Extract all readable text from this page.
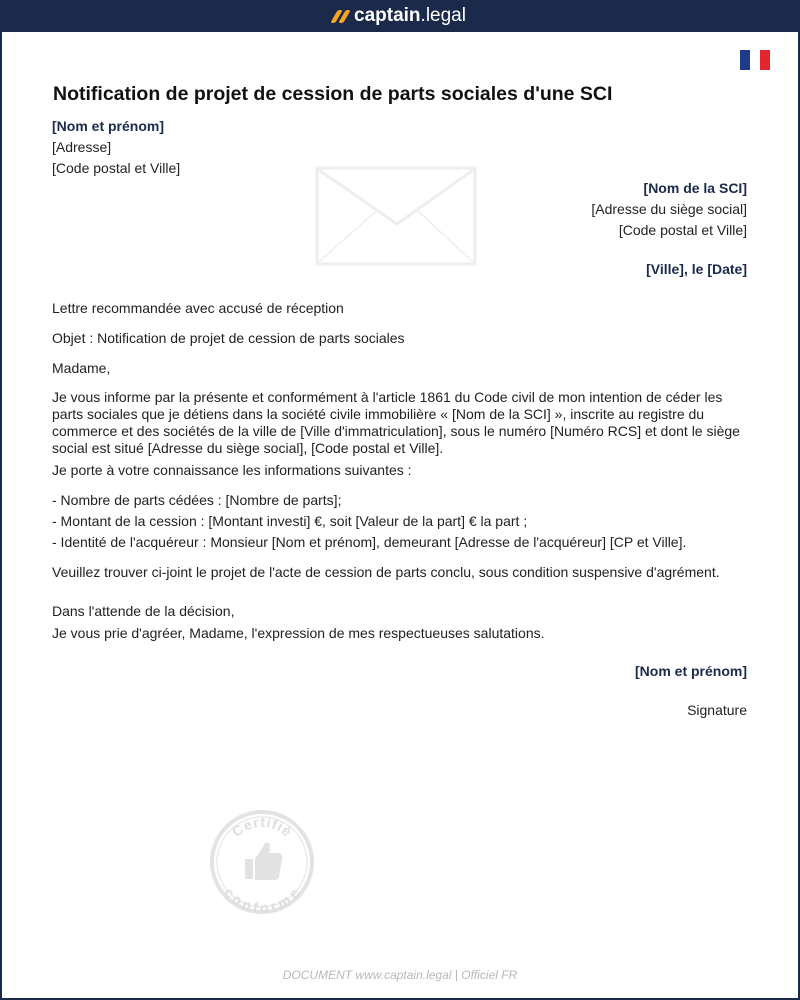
captain .legal
Notification de projet de cession de parts sociales d'une SCI

[Nom et prénom]

[Adresse]

[Code postal et Ville]

[Nom de la SCI]

[Adresse du siège social]

[Code postal et Ville]

[Ville], le [Date]

Lettre recommandée avec accusé de réception

Objet : Notification de projet de cession de parts sociales

Madame,

Je vous informe par la présente et conformément à l'article 1861 du Code civil de mon intention de céder les parts sociales que je détiens dans la société civile immobilière « [Nom de la SCI] », inscrite au registre du commerce et des sociétés de la ville de [Ville d'immatriculation], sous le numéro [Numéro RCS] et dont le siège social est situé [Adresse du siège social], [Code postal et Ville].

Je porte à votre connaissance les informations suivantes :

- Nombre de parts cédées : [Nombre de parts];

- Montant de la cession : [Montant investi] €, soit [Valeur de la part] € la part ;

- Identité de l'acquéreur : Monsieur [Nom et prénom], demeurant [Adresse de l'acquéreur] [CP et Ville].

Veuillez trouver ci-joint le projet de l'acte de cession de parts conclu, sous condition suspensive d'agrément.

Dans l'attende de la décision,

Je vous prie d'agréer, Madame, l'expression de mes respectueuses salutations.

[Nom et prénom]

Signature

Certifié
conforme
DOCUMENT www.captain.legal | Officiel FR
